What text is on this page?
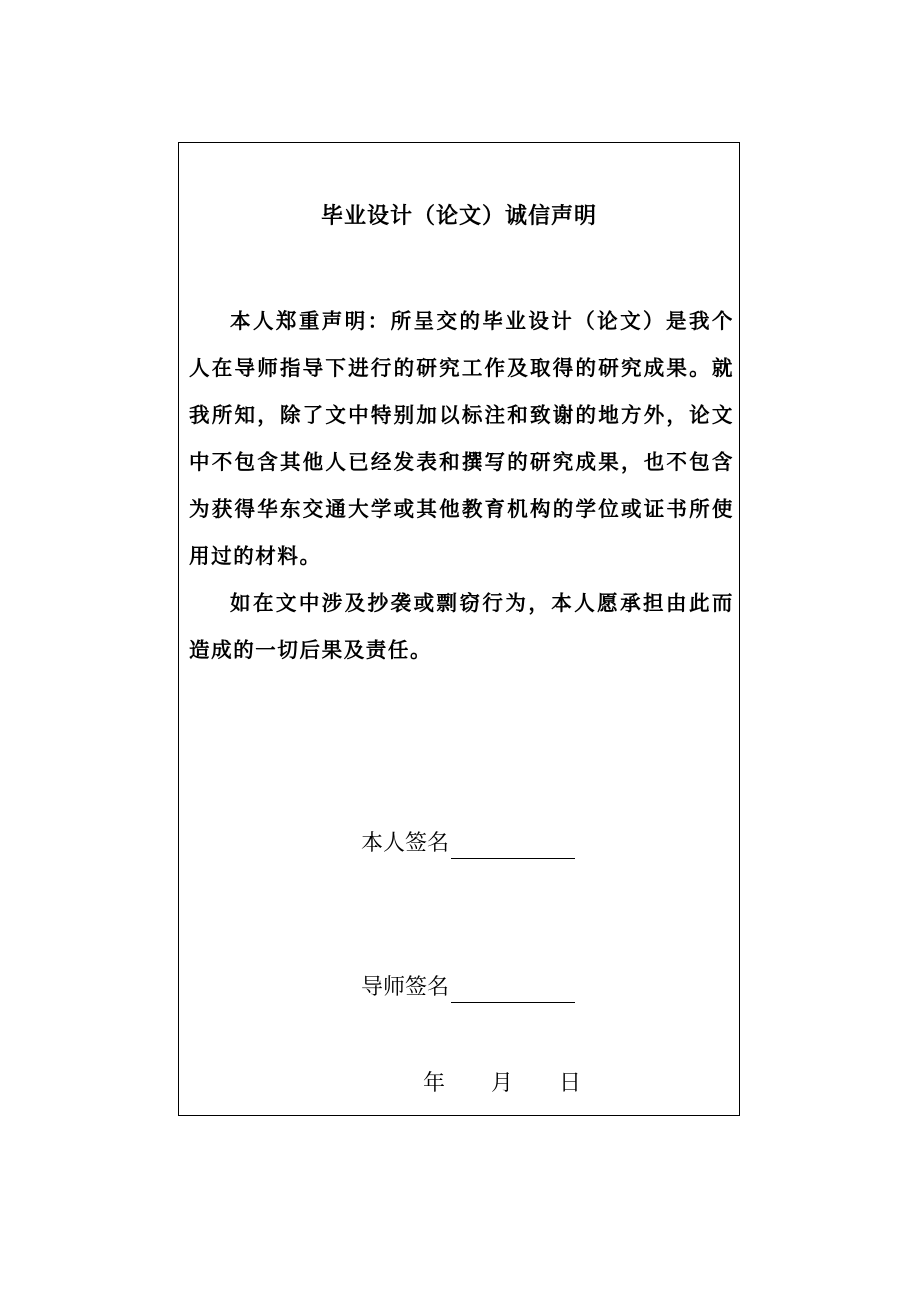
毕业设计（论文）诚信声明

本人郑重声明：所呈交的毕业设计（论文）是我个人在导师指导下进行的研究工作及取得的研究成果。就我所知，除了文中特别加以标注和致谢的地方外，论文中不包含其他人已经发表和撰写的研究成果，也不包含为获得华东交通大学或其他教育机构的学位或证书所使用过的材料。

如在文中涉及抄袭或剽窃行为，本人愿承担由此而造成的一切后果及责任。

本人签名
导师签名
年 月 日
